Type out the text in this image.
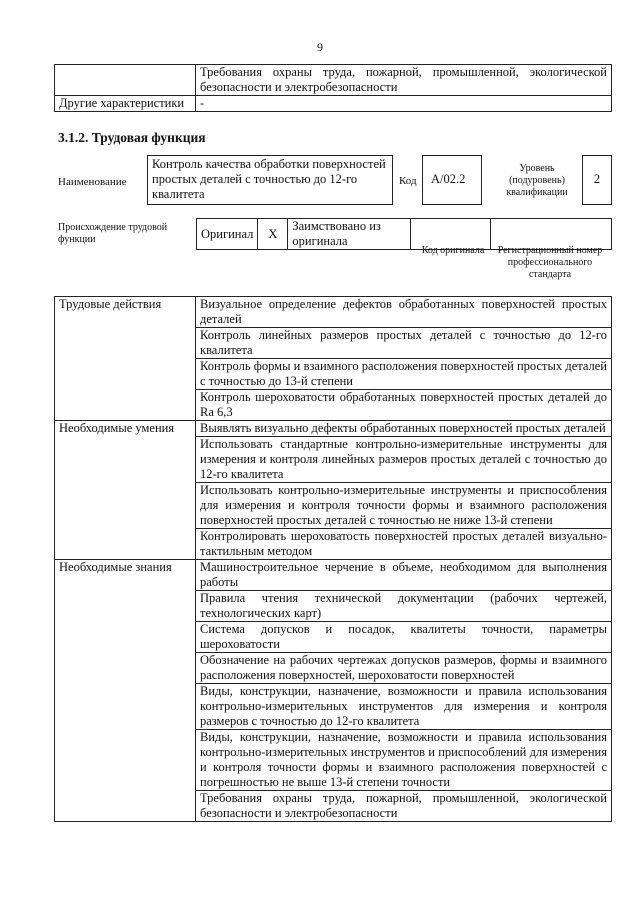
9
	Требования охраны труда, пожарной, промышленной, экологической безопасности и электробезопасности
Другие характеристики	-
3.1.2. Трудовая функция
Наименование
Контроль качества обработки поверхностей простых деталей с точностью до 12-го квалитета
Код	А/02.2
Уровень (подуровень) квалификации
2
Происхождение трудовой функции	Оригинал	X	Заимствовано из оригинала		
Код оригинала	Регистрационный номер профессионального стандарта
Трудовые действия	Визуальное определение дефектов обработанных поверхностей простых деталей
	Контроль линейных размеров простых деталей с точностью до 12-го квалитета
	Контроль формы и взаимного расположения поверхностей простых деталей с точностью до 13-й степени
	Контроль шероховатости обработанных поверхностей простых деталей до Ra 6,3
Необходимые умения	Выявлять визуально дефекты обработанных поверхностей простых деталей
	Использовать стандартные контрольно-измерительные инструменты для измерения и контроля линейных размеров простых деталей с точностью до 12-го квалитета
	Использовать контрольно-измерительные инструменты и приспособления для измерения и контроля точности формы и взаимного расположения поверхностей простых деталей с точностью не ниже 13-й степени
	Контролировать шероховатость поверхностей простых деталей визуально-тактильным методом
Необходимые знания	Машиностроительное черчение в объеме, необходимом для выполнения работы
	Правила чтения технической документации (рабочих чертежей, технологических карт)
	Система допусков и посадок, квалитеты точности, параметры шероховатости
	Обозначение на рабочих чертежах допусков размеров, формы и взаимного расположения поверхностей, шероховатости поверхностей
	Виды, конструкции, назначение, возможности и правила использования контрольно-измерительных инструментов для измерения и контроля размеров с точностью до 12-го квалитета
	Виды, конструкции, назначение, возможности и правила использования контрольно-измерительных инструментов и приспособлений для измерения и контроля точности формы и взаимного расположения поверхностей с погрешностью не выше 13-й степени точности
	Требования охраны труда, пожарной, промышленной, экологической безопасности и электробезопасности
